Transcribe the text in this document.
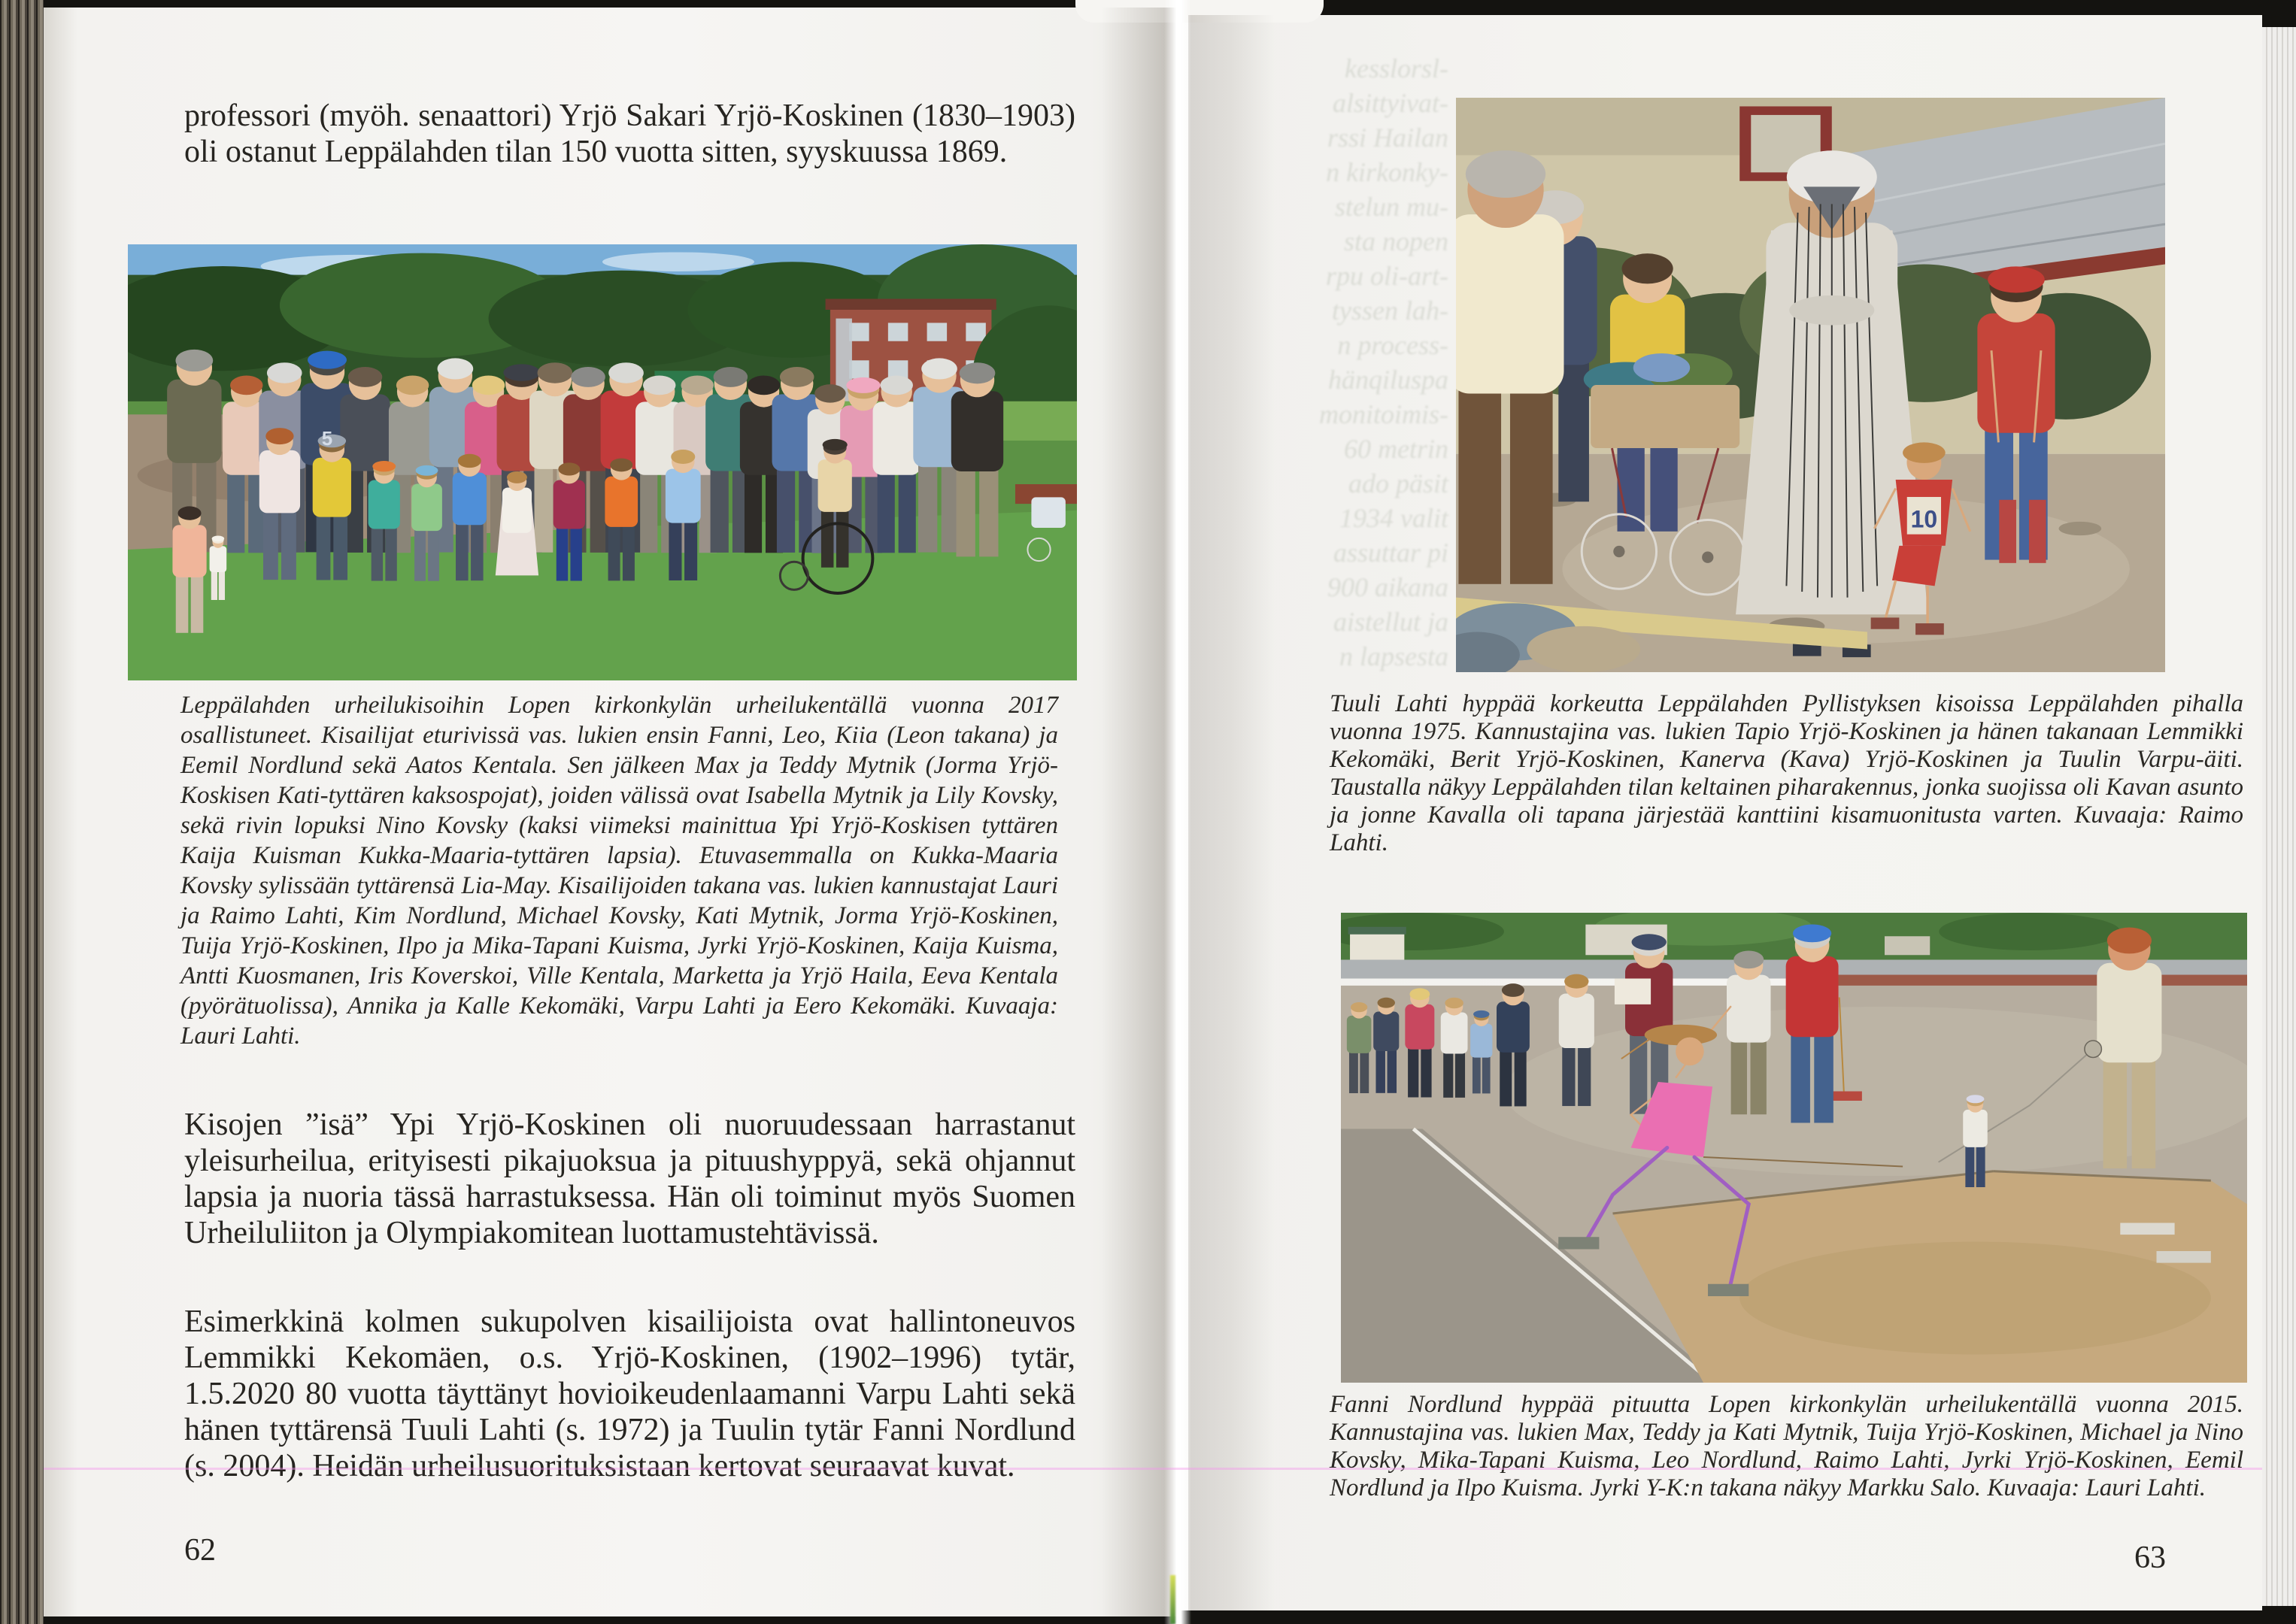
professori (myöh. senaattori) Yrjö Sakari Yrjö-Koskinen (1830–1903) oli ostanut Leppälahden tilan 150 vuotta sitten, syyskuussa 1869.
5
Leppälahden urheilukisoihin Lopen kirkonkylän urheilukentällä vuonna 2017 osallistuneet. Kisailijat eturivissä vas. lukien ensin Fanni, Leo, Kiia (Leon takana) ja Eemil Nordlund sekä Aatos Kentala. Sen jälkeen Max ja Teddy Mytnik (Jorma Yrjö-Koskisen Kati-tyttären kaksospojat), joiden välissä ovat Isabella Mytnik ja Lily Kovsky, sekä rivin lopuksi Nino Kovsky (kaksi viimeksi mainittua Ypi Yrjö-Koskisen tyttären Kaija Kuisman Kukka-Maaria-tyttären lapsia). Etuvasemmalla on Kukka-Maaria Kovsky sylissään tyttärensä Lia-May. Kisailijoiden takana vas. lukien kannustajat Lauri ja Raimo Lahti, Kim Nordlund, Michael Kovsky, Kati Mytnik, Jorma Yrjö-Koskinen, Tuija Yrjö-Koskinen, Ilpo ja Mika-Tapani Kuisma, Jyrki Yrjö-Koskinen, Kaija Kuisma, Antti Kuosmanen, Iris Koverskoi, Ville Kentala, Marketta ja Yrjö Haila, Eeva Kentala (pyörätuolissa), Annika ja Kalle Kekomäki, Varpu Lahti ja Eero Kekomäki. Kuvaaja: Lauri Lahti.
Kisojen ”isä” Ypi Yrjö-Koskinen oli nuoruudessaan harrastanut yleisurheilua, erityisesti pikajuoksua ja pituushyppyä, sekä ohjannut lapsia ja nuoria tässä harrastuksessa. Hän oli toiminut myös Suomen Urheiluliiton ja Olympiakomitean luottamustehtävissä.
Esimerkkinä kolmen sukupolven kisailijoista ovat hallintoneuvos Lemmikki Kekomäen, o.s. Yrjö-Koskinen, (1902–1996) tytär, 1.5.2020 80 vuotta täyttänyt hovioikeudenlaamanni Varpu Lahti sekä hänen tyttärensä Tuuli Lahti (s. 1972) ja Tuulin tytär Fanni Nordlund (s. 2004). Heidän urheilusuorituksistaan kertovat seuraavat kuvat.
62
kesslorsl-
alsittyivat-
rssi Hailan
n kirkonky-
stelun mu-
sta nopen
rpu oli-art-
tyssen lah-
n process-
hänqiluspa
monitoimis-
60 metrin
ado päsit
1934 valit
assuttar pi
900 aikana
aistellut ja
n lapsesta
10
Tuuli Lahti hyppää korkeutta Leppälahden Pyllistyksen kisoissa Leppälahden pihalla vuonna 1975. Kannustajina vas. lukien Tapio Yrjö-Koskinen ja hänen takanaan Lemmikki Kekomäki, Berit Yrjö-Koskinen, Kanerva (Kava) Yrjö-Koskinen ja Tuulin Varpu-äiti. Taustalla näkyy Leppälahden tilan keltainen piharakennus, jonka suojissa oli Kavan asunto ja jonne Kavalla oli tapana järjestää kanttiini kisamuonitusta varten. Kuvaaja: Raimo Lahti.
Fanni Nordlund hyppää pituutta Lopen kirkonkylän urheilukentällä vuonna 2015. Kannustajina vas. lukien Max, Teddy ja Kati Mytnik, Tuija Yrjö-Koskinen, Michael ja Nino Kovsky, Mika-Tapani Kuisma, Leo Nordlund, Raimo Lahti, Jyrki Yrjö-Koskinen, Eemil Nordlund ja Ilpo Kuisma. Jyrki Y-K:n takana näkyy Markku Salo. Kuvaaja: Lauri Lahti.
63
